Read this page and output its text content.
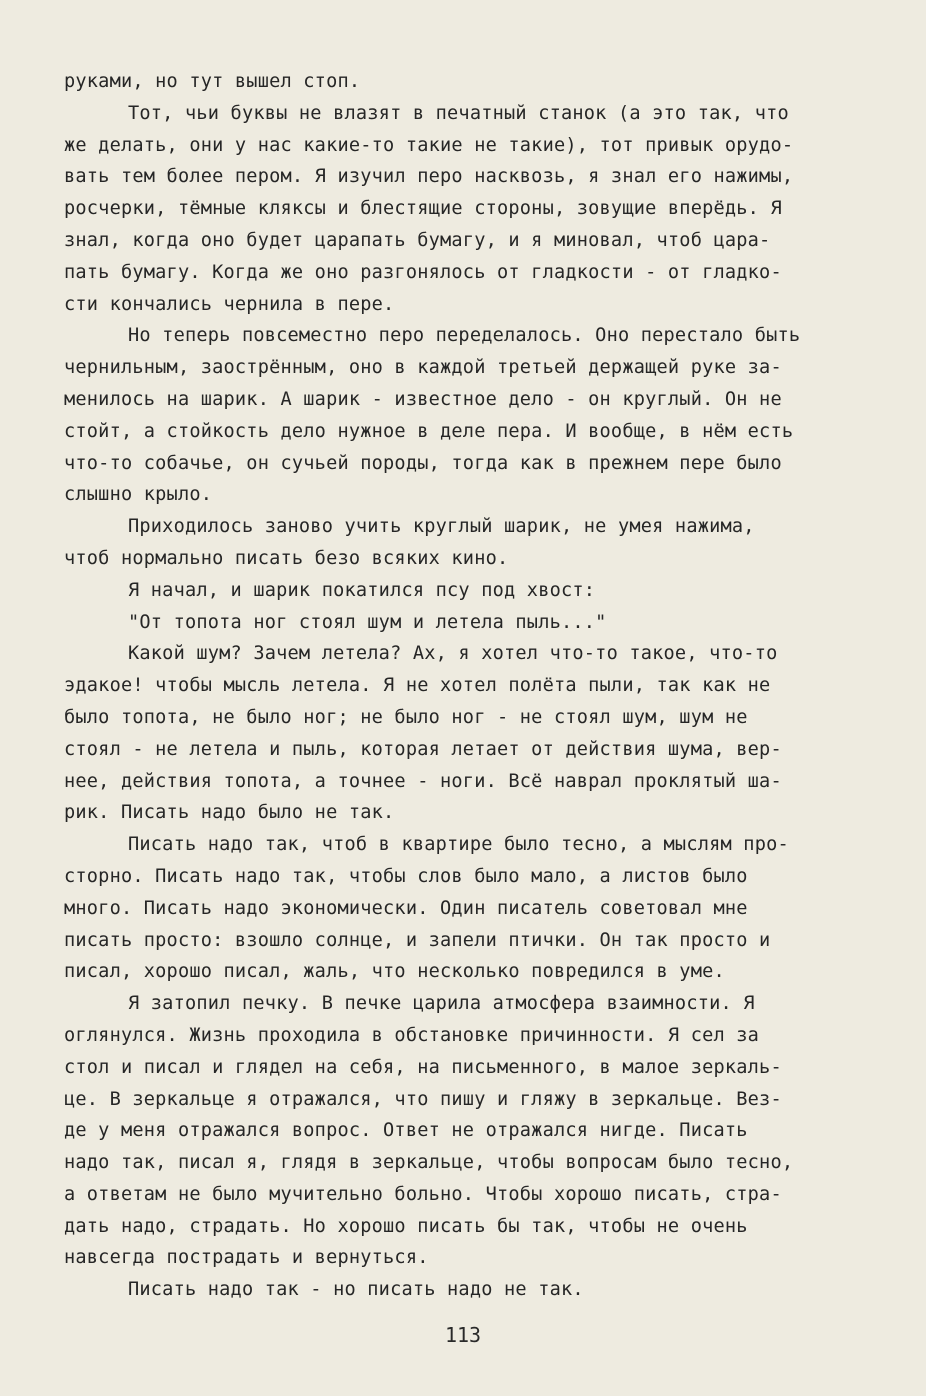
руками, но тут вышел стоп.
Тот, чьи буквы не влазят в печатный станок (а это так, что
же делать, они у нас какие-то такие не такие), тот привык орудо-
вать тем более пером. Я изучил перо насквозь, я знал его нажимы,
росчерки, тёмные кляксы и блестящие стороны, зовущие вперёдь. Я
знал, когда оно будет царапать бумагу, и я миновал, чтоб цара-
пать бумагу. Когда же оно разгонялось от гладкости - от гладко-
сти кончались чернила в пере.
Но теперь повсеместно перо переделалось. Оно перестало быть
чернильным, заострённым, оно в каждой третьей держащей руке за-
менилось на шарик. А шарик - известное дело - он круглый. Он не
стойт, а стойкость дело нужное в деле пера. И вообще, в нём есть
что-то собачье, он сучьей породы, тогда как в прежнем пере было
слышно крыло.
Приходилось заново учить круглый шарик, не умея нажима,
чтоб нормально писать безо всяких кино.
Я начал, и шарик покатился псу под хвост:
"От топота ног стоял шум и летела пыль..."
Какой шум? Зачем летела? Ах, я хотел что-то такое, что-то
эдакое! чтобы мысль летела. Я не хотел полёта пыли, так как не
было топота, не было ног; не было ног - не стоял шум, шум не
стоял - не летела и пыль, которая летает от действия шума, вер-
нее, действия топота, а точнее - ноги. Всё наврал проклятый ша-
рик. Писать надо было не так.
Писать надо так, чтоб в квартире было тесно, а мыслям про-
сторно. Писать надо так, чтобы слов было мало, а листов было
много. Писать надо экономически. Один писатель советовал мне
писать просто: взошло солнце, и запели птички. Он так просто и
писал, хорошо писал, жаль, что несколько повредился в уме.
Я затопил печку. В печке царила атмосфера взаимности. Я
оглянулся. Жизнь проходила в обстановке причинности. Я сел за
стол и писал и глядел на себя, на письменного, в малое зеркаль-
це. В зеркальце я отражался, что пишу и гляжу в зеркальце. Вез-
де у меня отражался вопрос. Ответ не отражался нигде. Писать
надо так, писал я, глядя в зеркальце, чтобы вопросам было тесно,
а ответам не было мучительно больно. Чтобы хорошо писать, стра-
дать надо, страдать. Но хорошо писать бы так, чтобы не очень
навсегда пострадать и вернуться.
Писать надо так - но писать надо не так.
113
